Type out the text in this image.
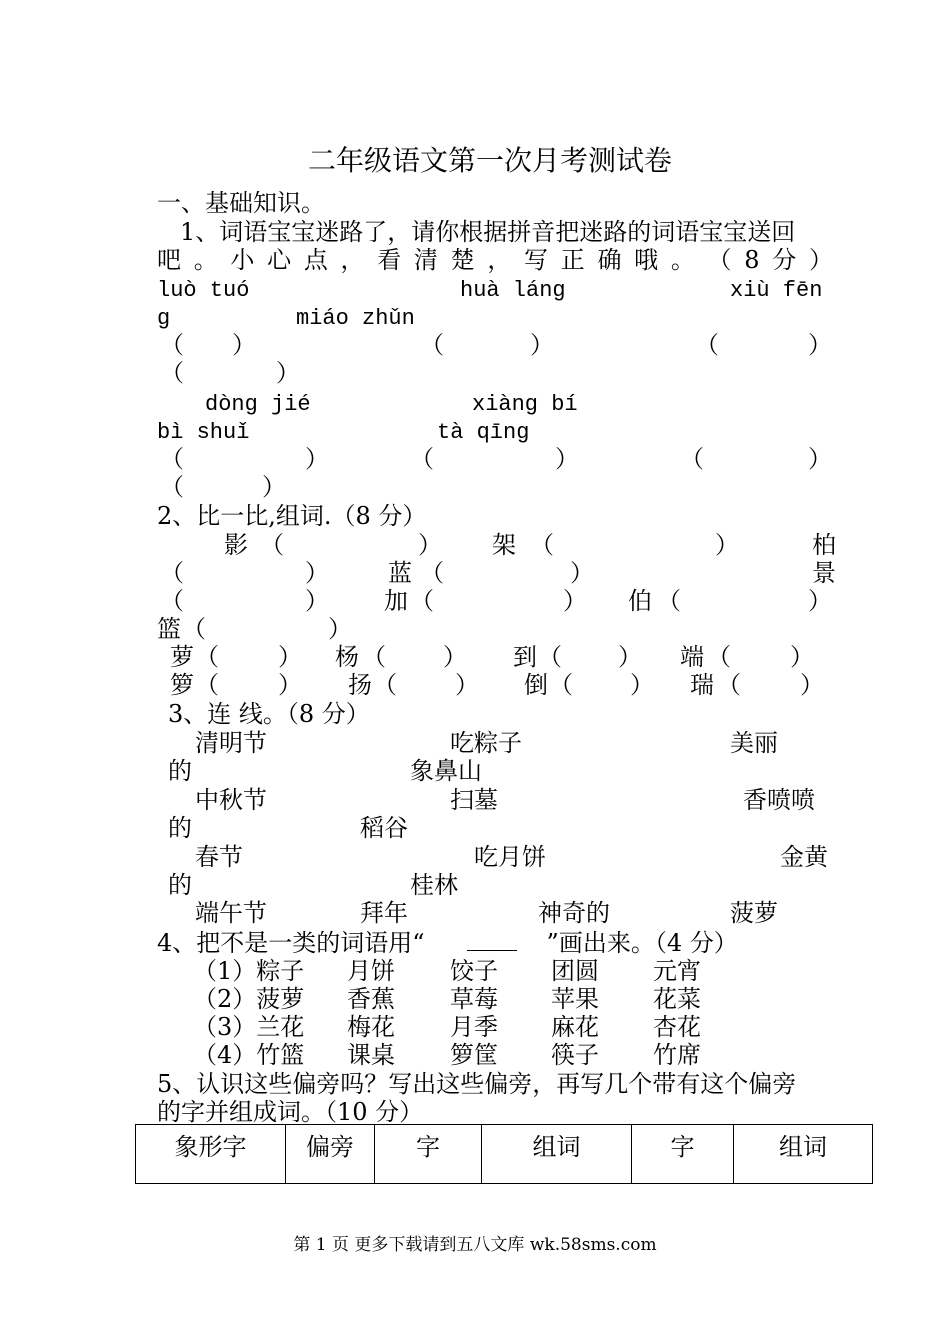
二年级语文第一次月考测试卷
一、基础知识。
1、词语宝宝迷路了，请你根据拼音把迷路的词语宝宝送回
吧 。 小 心 点 ， 看 清 楚 ， 写 正 确 哦 。 （ 8 分 ）
luò tuó	huà láng	xiù fēn
g	miáo zhǔn
（ ）	（	）	（	）
（	）
dòng jié	xiàng bí
bì shuǐ	tà qīng
（	）	（	）	（	）
（	）
2、比一比,组词.（8 分）
影 （	） 架 （	）	柏
（	） 蓝 （	）	景
（	） 加 （	） 伯 （	）
篮 （	）
萝 （ ） 杨 （ ） 到 （ ） 端 （ ）
箩 （ ） 扬 （ ） 倒 （ ） 瑞 （ ）
3、连 线。（8 分）
清明节	吃粽子	美丽
的	象鼻山
中秋节	扫墓	香喷喷
的	稻谷
春节	吃月饼	金黄
的	桂林
端午节	拜年	神奇的	菠萝
4、把不是一类的词语用“	”画出来。（4 分）
（1）粽子 月饼 饺子 团圆 元宵
（2）菠萝 香蕉 草莓 苹果 花菜
（3）兰花 梅花 月季 麻花 杏花
（4）竹篮 课桌 箩筐 筷子 竹席
5、认识这些偏旁吗？写出这些偏旁，再写几个带有这个偏旁
的字并组成词。（10 分）
象形字	偏旁	字	组词	字	组词
第 1 页 更多下载请到五八文库 wk.58sms.com
